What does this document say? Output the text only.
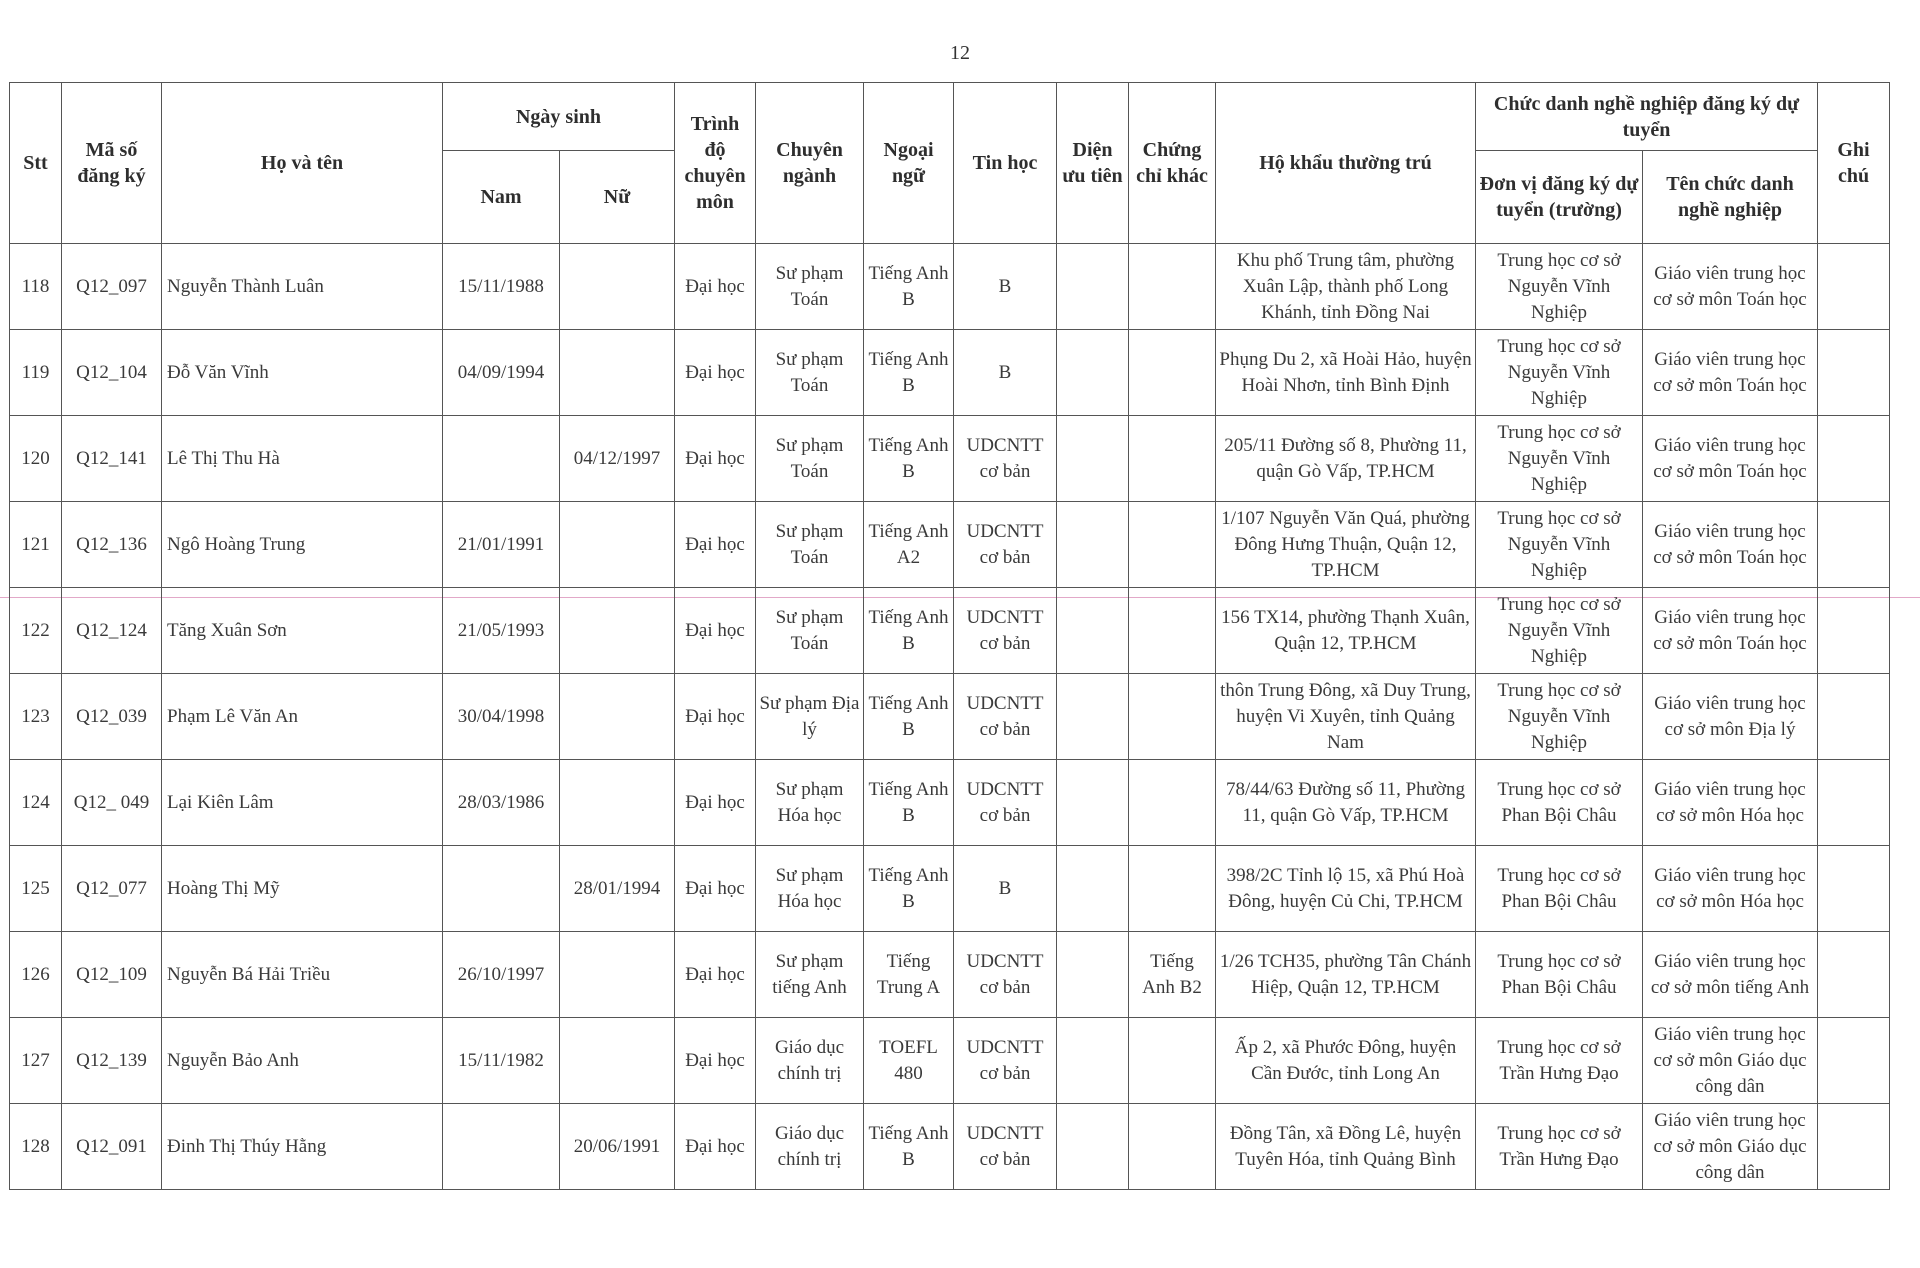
12
Stt	Mã số đăng ký	Họ và tên	Ngày sinh		Trình độ chuyên môn	Chuyên ngành	Ngoại ngữ	Tin học	Diện ưu tiên	Chứng chỉ khác	Hộ khẩu thường trú	Chức danh nghề nghiệp đăng ký dự tuyển		Ghi chú
			Nam	Nữ								Đơn vị đăng ký dự tuyển (trường)	Tên chức danh nghề nghiệp	
118	Q12_097	Nguyễn Thành Luân	15/11/1988		Đại học	Sư phạm Toán	Tiếng Anh B	B			Khu phố Trung tâm, phường Xuân Lập, thành phố Long Khánh, tỉnh Đồng Nai	Trung học cơ sở Nguyễn Vĩnh Nghiệp	Giáo viên trung học cơ sở môn Toán học	
119	Q12_104	Đỗ Văn Vĩnh	04/09/1994		Đại học	Sư phạm Toán	Tiếng Anh B	B			Phụng Du 2, xã Hoài Hảo, huyện Hoài Nhơn, tỉnh Bình Định	Trung học cơ sở Nguyễn Vĩnh Nghiệp	Giáo viên trung học cơ sở môn Toán học	
120	Q12_141	Lê Thị Thu Hà		04/12/1997	Đại học	Sư phạm Toán	Tiếng Anh B	UDCNTT cơ bản			205/11 Đường số 8, Phường 11, quận Gò Vấp, TP.HCM	Trung học cơ sở Nguyễn Vĩnh Nghiệp	Giáo viên trung học cơ sở môn Toán học	
121	Q12_136	Ngô Hoàng Trung	21/01/1991		Đại học	Sư phạm Toán	Tiếng Anh A2	UDCNTT cơ bản			1/107 Nguyễn Văn Quá, phường Đông Hưng Thuận, Quận 12, TP.HCM	Trung học cơ sở Nguyễn Vĩnh Nghiệp	Giáo viên trung học cơ sở môn Toán học	
122	Q12_124	Tăng Xuân Sơn	21/05/1993		Đại học	Sư phạm Toán	Tiếng Anh B	UDCNTT cơ bản			156 TX14, phường Thạnh Xuân, Quận 12, TP.HCM	Trung học cơ sở Nguyễn Vĩnh Nghiệp	Giáo viên trung học cơ sở môn Toán học	
123	Q12_039	Phạm Lê Văn An	30/04/1998		Đại học	Sư phạm Địa lý	Tiếng Anh B	UDCNTT cơ bản			thôn Trung Đông, xã Duy Trung, huyện Vi Xuyên, tỉnh Quảng Nam	Trung học cơ sở Nguyễn Vĩnh Nghiệp	Giáo viên trung học cơ sở môn Địa lý	
124	Q12_ 049	Lại Kiên Lâm	28/03/1986		Đại học	Sư phạm Hóa học	Tiếng Anh B	UDCNTT cơ bản			78/44/63 Đường số 11, Phường 11, quận Gò Vấp, TP.HCM	Trung học cơ sở Phan Bội Châu	Giáo viên trung học cơ sở môn Hóa học	
125	Q12_077	Hoàng Thị Mỹ		28/01/1994	Đại học	Sư phạm Hóa học	Tiếng Anh B	B			398/2C Tỉnh lộ 15, xã Phú Hoà Đông, huyện Củ Chi, TP.HCM	Trung học cơ sở Phan Bội Châu	Giáo viên trung học cơ sở môn Hóa học	
126	Q12_109	Nguyễn Bá Hải Triều	26/10/1997		Đại học	Sư phạm tiếng Anh	Tiếng Trung A	UDCNTT cơ bản		Tiếng Anh B2	1/26 TCH35, phường Tân Chánh Hiệp, Quận 12, TP.HCM	Trung học cơ sở Phan Bội Châu	Giáo viên trung học cơ sở môn tiếng Anh	
127	Q12_139	Nguyễn Bảo Anh	15/11/1982		Đại học	Giáo dục chính trị	TOEFL 480	UDCNTT cơ bản			Ấp 2, xã Phước Đông, huyện Cần Đước, tỉnh Long An	Trung học cơ sở Trần Hưng Đạo	Giáo viên trung học cơ sở môn Giáo dục công dân	
128	Q12_091	Đinh Thị Thúy Hằng		20/06/1991	Đại học	Giáo dục chính trị	Tiếng Anh B	UDCNTT cơ bản			Đồng Tân, xã Đồng Lê, huyện Tuyên Hóa, tỉnh Quảng Bình	Trung học cơ sở Trần Hưng Đạo	Giáo viên trung học cơ sở môn Giáo dục công dân	
